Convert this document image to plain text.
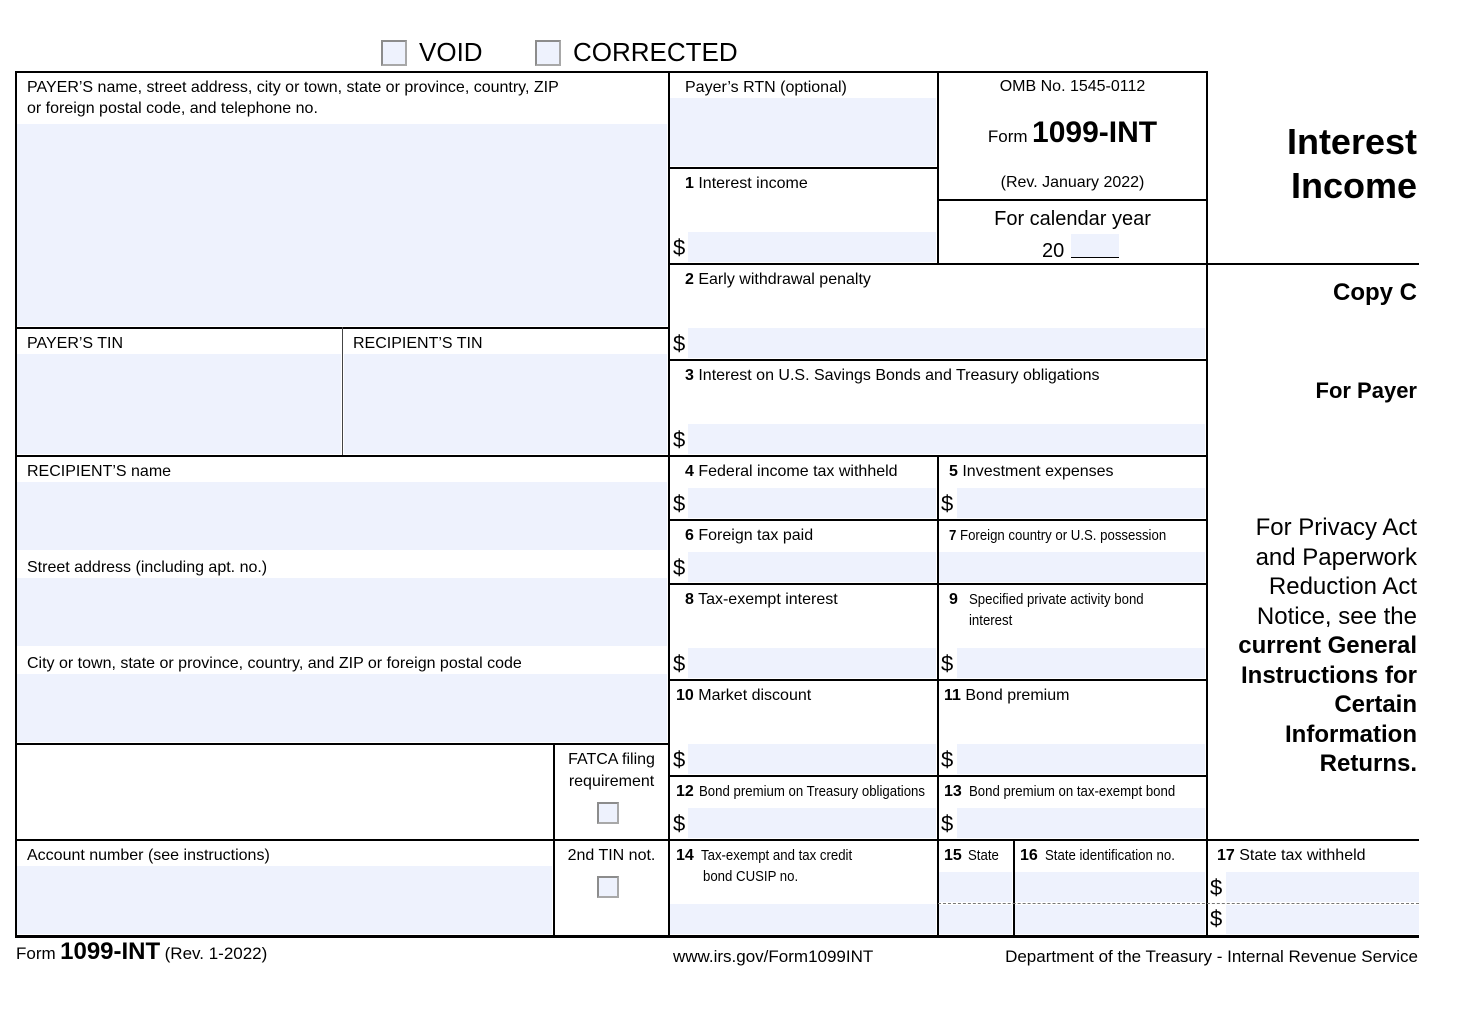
VOID	CORRECTED
PAYER’S name, street address, city or town, state or province, country, ZIP
or foreign postal code, and telephone no.
PAYER’S TIN	RECIPIENT’S TIN
RECIPIENT’S name
Street address (including apt. no.)
City or town, state or province, country, and ZIP or foreign postal code
FATCA filing
requirement
Account number (see instructions)	2nd TIN not.
Payer’s RTN (optional)
1 Interest income
$
OMB No. 1545-0112
Form 1099-INT
(Rev. January 2022)
For calendar year
20
2 Early withdrawal penalty
$
3 Interest on U.S. Savings Bonds and Treasury obligations
$
4 Federal income tax withheld
$
5 Investment expenses
$
6 Foreign tax paid
$
7 Foreign country or U.S. possession
8 Tax-exempt interest
$
9 Specified private activity bond
interest
$
10 Market discount
$
11 Bond premium
$
12 Bond premium on Treasury obligations
$
13 Bond premium on tax-exempt bond
$
14 Tax-exempt and tax credit
bond CUSIP no.
15 State 16 State identification no.	17 State tax withheld
$
$
Interest
Income
Copy C
For Payer
For Privacy Act
and Paperwork
Reduction Act
Notice, see the
current General
Instructions for
Certain
Information
Returns.
Form 1099-INT (Rev. 1-2022)	www.irs.gov/Form1099INT	Department of the Treasury - Internal Revenue Service
